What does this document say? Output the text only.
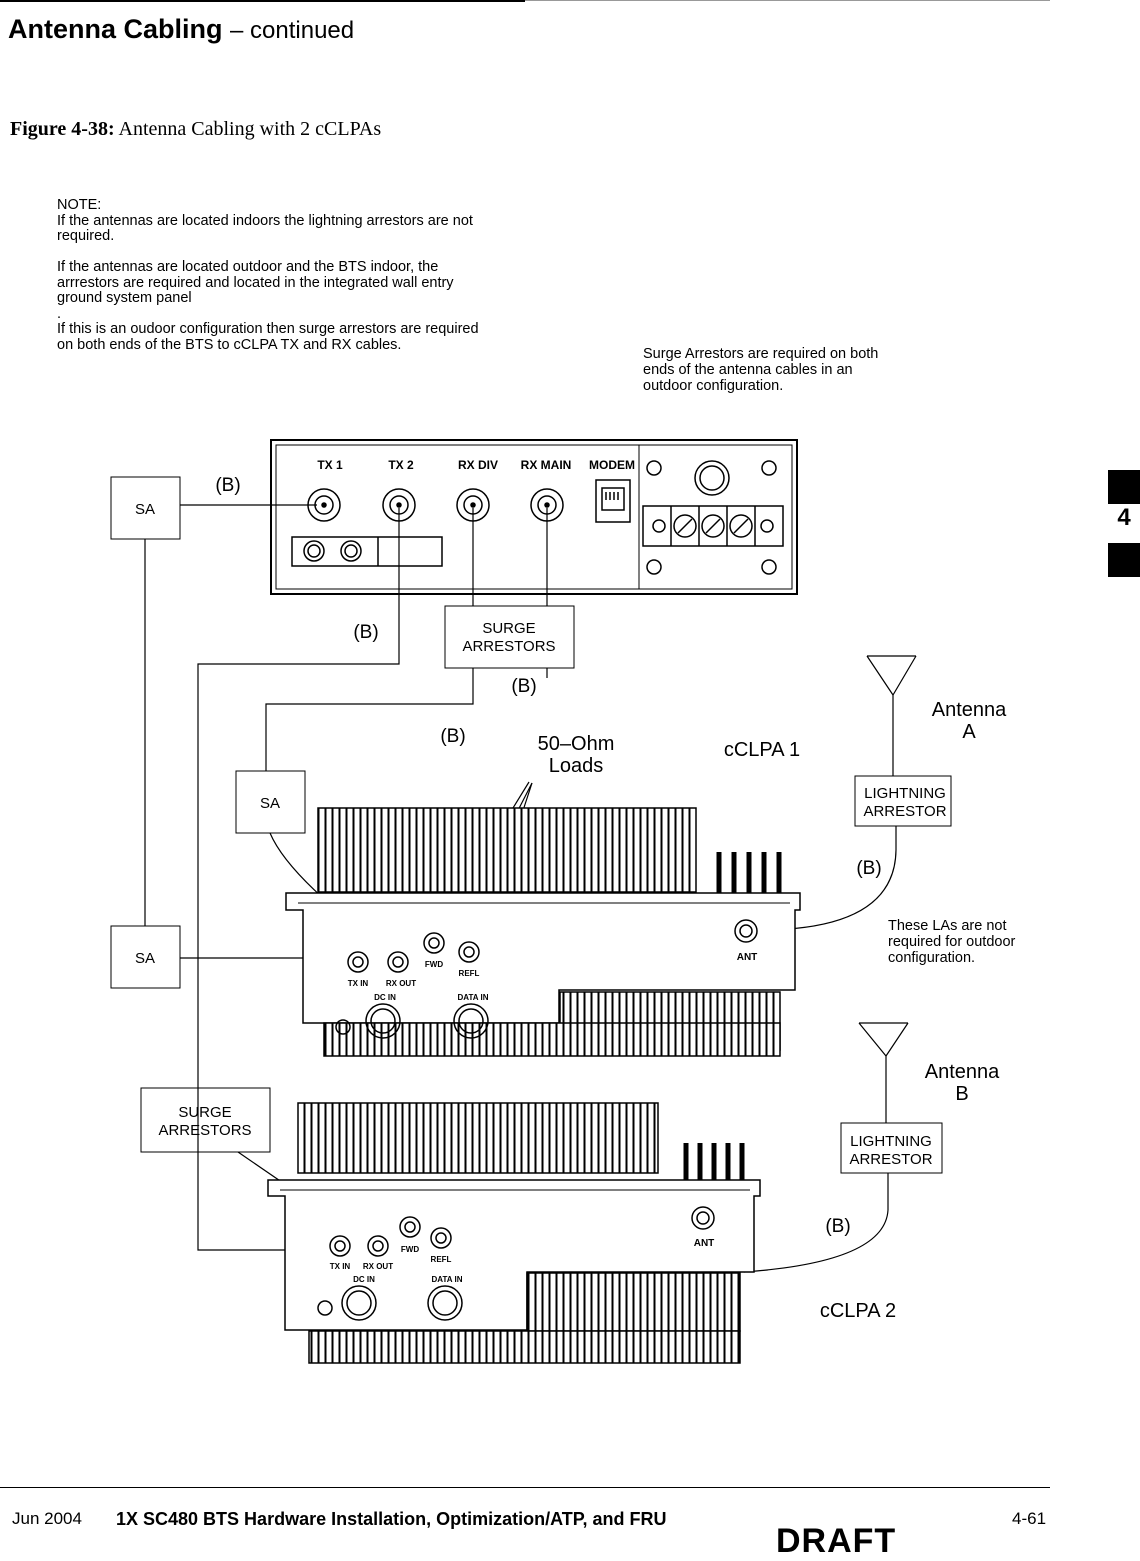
Antenna Cabling – continued
Figure 4-38: Antenna Cabling with 2 cCLPAs
NOTE:
If the antennas are located indoors the lightning arrestors are not required.

If the antennas are located outdoor and the BTS indoor, the arrrestors are required and located in the integrated wall entry ground system panel
.
If this is an oudoor configuration then surge arrestors are required on both ends of the BTS to cCLPA TX and RX cables.
Surge Arrestors are required on both
ends of the antenna cables in an
outdoor configuration.
These LAs are not
required for outdoor
configuration.
TX 1	TX 2	RX DIV RX MAIN MODEM
SA
SA
SA
SURGE
ARRESTORS
SURGE
ARRESTORS
LIGHTNING
ARRESTOR
LIGHTNING
ARRESTOR
(B)
(B)
(B)
(B)
(B)
(B)
50–Ohm
Loads
cCLPA 1
cCLPA 2
Antenna
A
Antenna
B
TX IN RX OUT
FWD
REFL
DC IN	DATA IN
ANT
TX IN RX OUT
FWD
REFL
DC IN	DATA IN
ANT
4
Jun 2004 1X SC480 BTS Hardware Installation, Optimization/ATP, and FRU	4-61
DRAFT
